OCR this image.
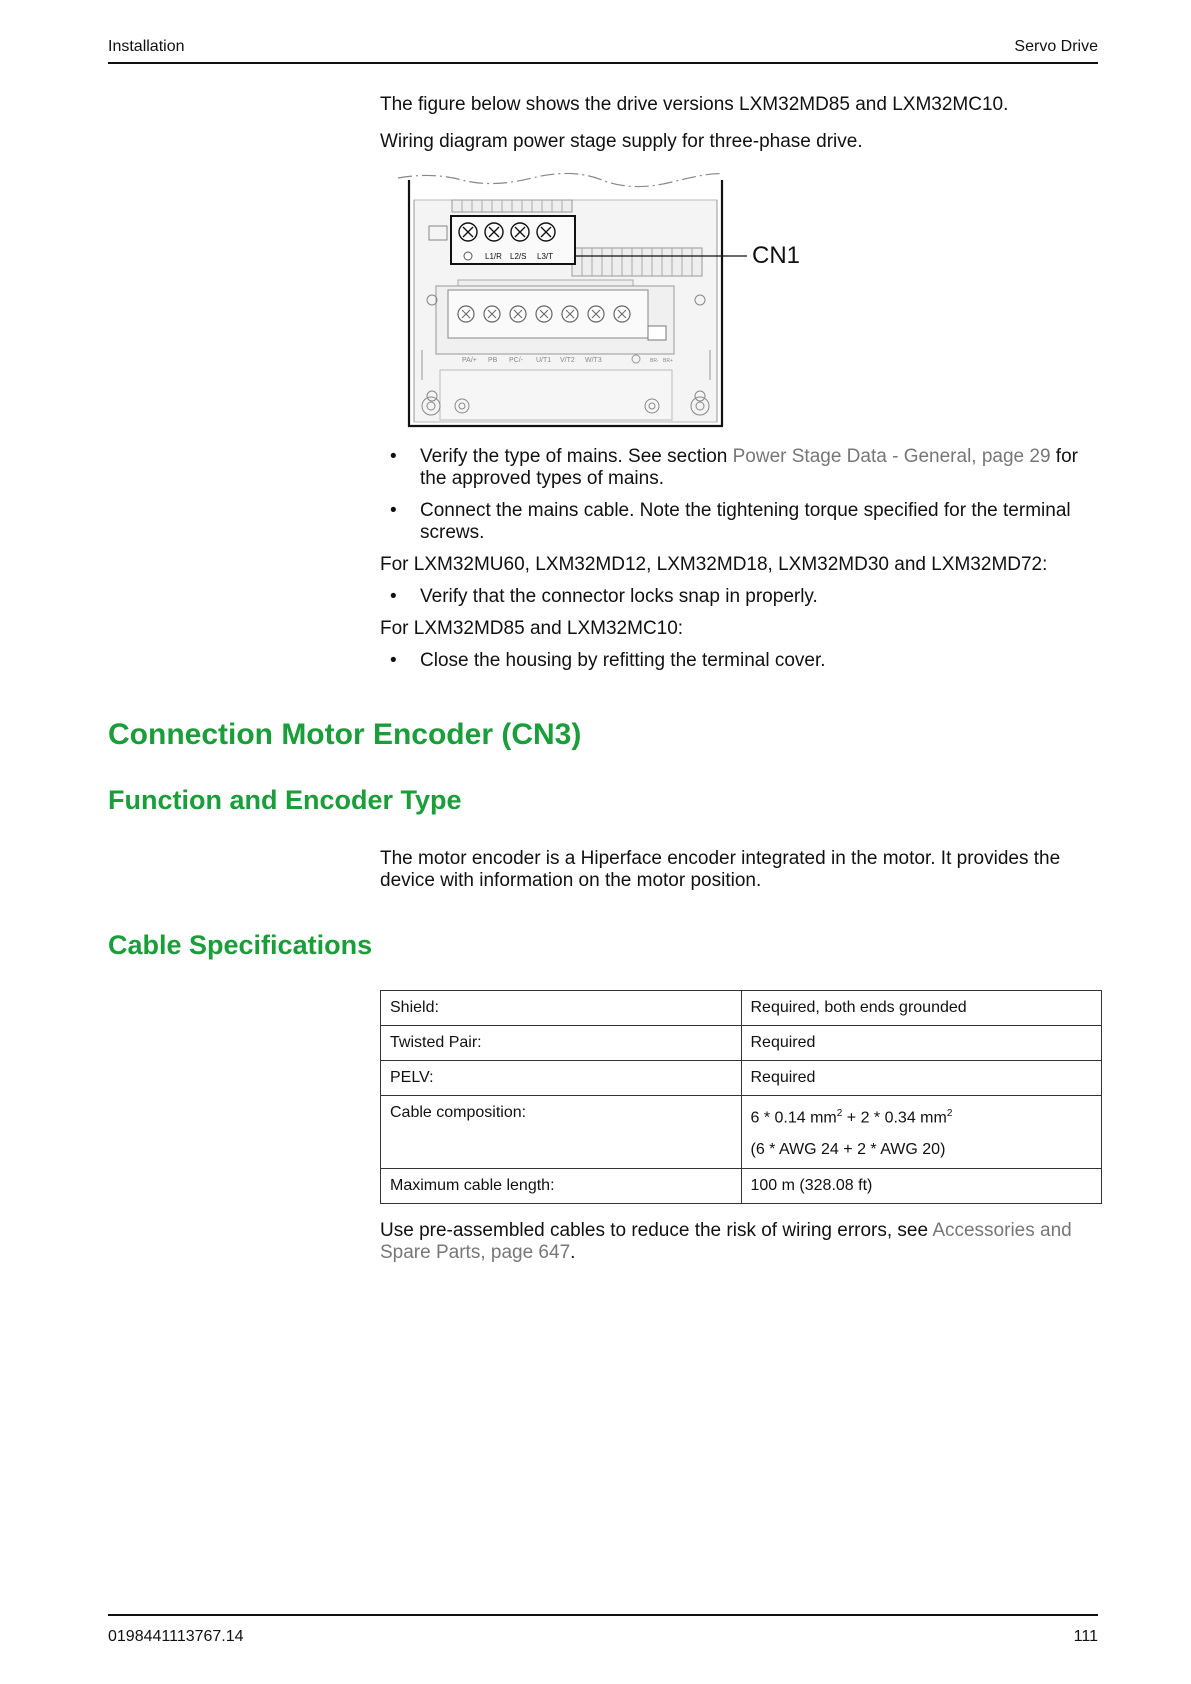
Installation	Servo Drive
The figure below shows the drive versions LXM32MD85 and LXM32MC10.
Wiring diagram power stage supply for three-phase drive.
L1/R L2/S L3/T
PA/+ PB PC/- U/T1 V/T2 W/T3	BR- BR+
CN1
• Verify the type of mains. See section Power Stage Data - General, page 29 for the approved types of mains.
• Connect the mains cable. Note the tightening torque specified for the terminal screws.
For LXM32MU60, LXM32MD12, LXM32MD18, LXM32MD30 and LXM32MD72:
• Verify that the connector locks snap in properly.
For LXM32MD85 and LXM32MC10:
• Close the housing by refitting the terminal cover.
Connection Motor Encoder (CN3)
Function and Encoder Type
The motor encoder is a Hiperface encoder integrated in the motor. It provides the device with information on the motor position.
Cable Specifications
Shield:	Required, both ends grounded
Twisted Pair:	Required
PELV:	Required
Cable composition:	6 * 0.14 $mm^2 + 2 * 0.34$ $mm^2$
(6 * AWG 24 + 2 * AWG 20)

Maximum cable length:	100 m (328.08 ft)
Use pre-assembled cables to reduce the risk of wiring errors, see Accessories and Spare Parts, page 647.
0198441113767.14	111
